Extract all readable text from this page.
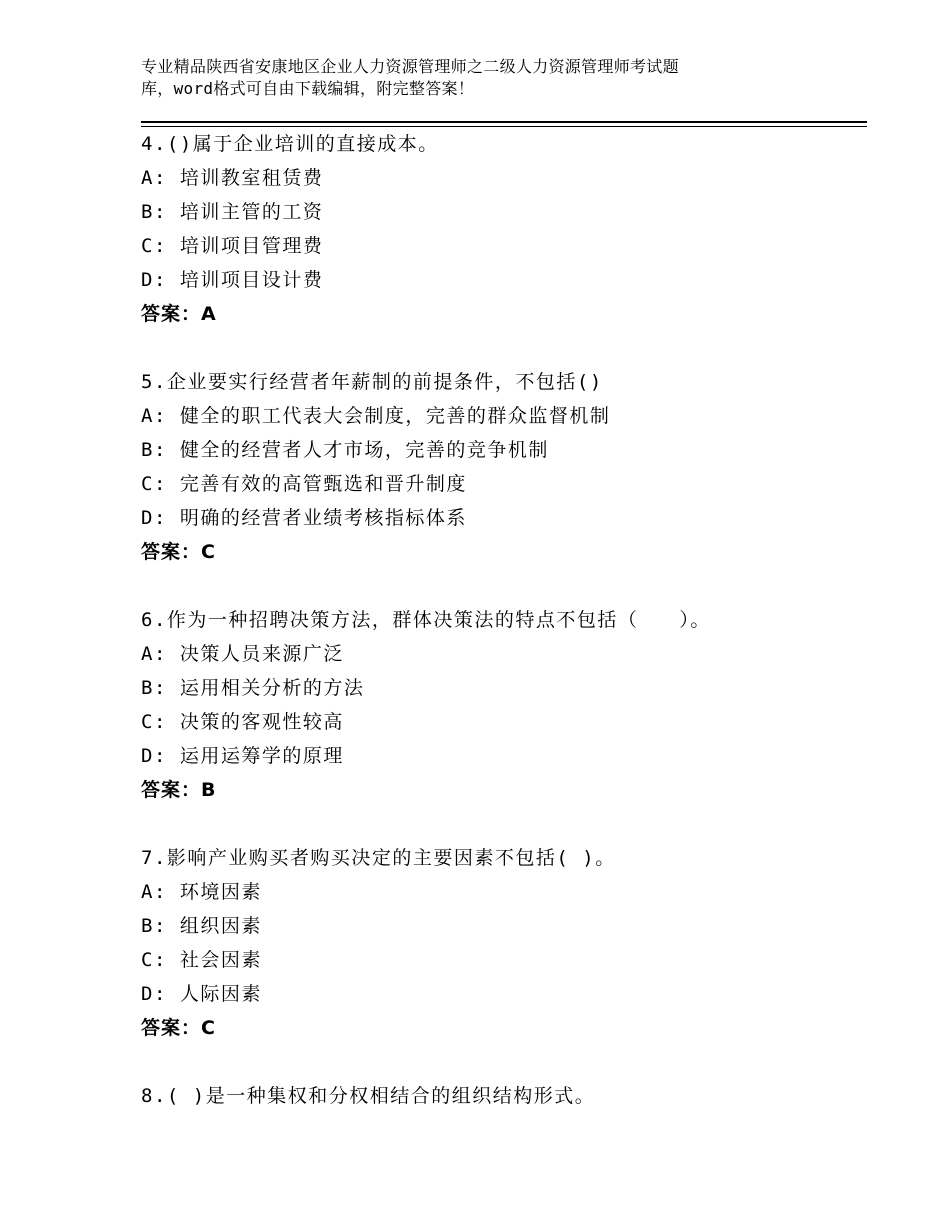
专业精品陕西省安康地区企业人力资源管理师之二级人力资源管理师考试题
库，word格式可自由下载编辑，附完整答案！
4.()属于企业培训的直接成本。
A: 培训教室租赁费
B: 培训主管的工资
C: 培训项目管理费
D: 培训项目设计费
答案：A
5.企业要实行经营者年薪制的前提条件，不包括()
A: 健全的职工代表大会制度，完善的群众监督机制
B: 健全的经营者人才市场，完善的竞争机制
C: 完善有效的高管甄选和晋升制度
D: 明确的经营者业绩考核指标体系
答案：C
6.作为一种招聘决策方法，群体决策法的特点不包括（　　）。
A: 决策人员来源广泛
B: 运用相关分析的方法
C: 决策的客观性较高
D: 运用运筹学的原理
答案：B
7.影响产业购买者购买决定的主要因素不包括( )。
A: 环境因素
B: 组织因素
C: 社会因素
D: 人际因素
答案：C
8.( )是一种集权和分权相结合的组织结构形式。
